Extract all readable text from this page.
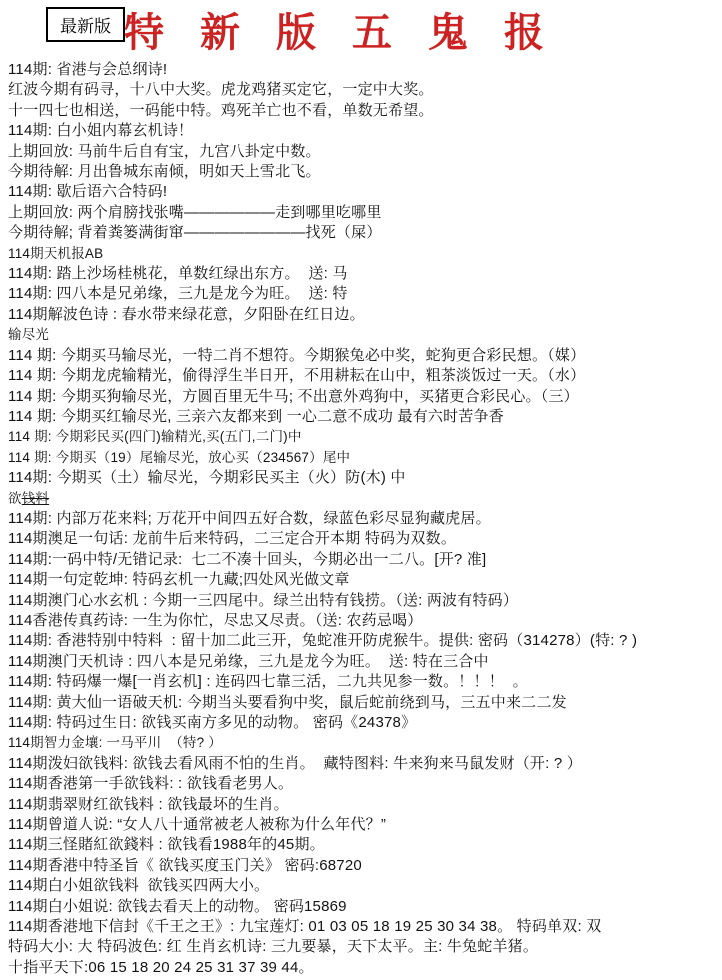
最新版 特 新 版 五 鬼 报

114期: 省港与会总纲诗!

红波今期有码寻，十八中大奖。虎龙鸡猪买定它，一定中大奖。

十一四七也相送，一码能中特。鸡死羊亡也不看，单数无希望。

114期: 白小姐内幕玄机诗！

上期回放: 马前牛后自有宝，九宫八卦定中数。

今期待解: 月出鲁城东南倾，明如天上雪北飞。

114期: 歇后语六合特码!

上期回放: 两个肩膀找张嘴——————走到哪里吃哪里

今期待解; 背着粪篓满街窜————————找死（屎）

114期天机报AB

114期: 踏上沙场桂桃花，单数红绿出东方。  送: 马

114期: 四八本是兄弟缘，三九是龙今为旺。  送: 特

114期解波色诗 : 春水带来绿花意，夕阳卧在红日边。

输尽光

114 期: 今期买马输尽光，一特二肖不想符。今期猴兔必中奖，蛇狗更合彩民想。（媒）

114 期: 今期龙虎输精光，偷得浮生半日开，不用耕耘在山中，粗茶淡饭过一天。（水）

114 期: 今期买狗输尽光，方圆百里无牛马; 不出意外鸡狗中，买猪更合彩民心。（三）

114 期: 今期买红输尽光, 三亲六友都来到 一心二意不成功 最有六时苦争香

114 期: 今期彩民买(四门)输精光,买(五门,二门)中

114 期: 今期买（19）尾输尽光，放心买（234567）尾中

114期: 今期买（土）输尽光，今期彩民买主（火）防(木) 中

欲钱料

114期: 内部万花来料; 万花开中间四五好合数，绿蓝色彩尽显狗藏虎居。

114期澳足一句话: 龙前牛后来特码，二三定合开本期 特码为双数。

114期:一码中特/无错记录:  七二不凑十回头，今期必出一二八。[开? 准]

114期一句定乾坤: 特码玄机一九藏;四处风光做文章

114期澳门心水玄机 : 今期一三四尾中。绿兰出特有钱捞。（送: 两波有特码）

114香港传真药诗: 一生为你忙，尽忠又尽责。（送: 农药忌喝）

114期: 香港特别中特料  : 留十加二此三开，兔蛇准开防虎猴牛。提供: 密码（314278）(特: ? )

114期澳门天机诗 : 四八本是兄弟缘，三九是龙今为旺。  送: 特在三合中

114期: 特码爆一爆[一肖玄机] : 连码四七靠三活，二九共见参一数。！！！  。

114期: 黄大仙一语破天机: 今期当头要看狗中奖，鼠后蛇前绕到马，三五中来二二发

114期: 特码过生日: 欲钱买南方多见的动物。 密码《24378》

114期智力金壤: 一马平川  （特? ）

114期泼妇欲钱料: 欲钱去看风雨不怕的生肖。  藏特图料: 牛来狗来马鼠发财（开: ? ）

114期香港第一手欲钱料: : 欲钱看老男人。

114期翡翠财红欲钱料 : 欲钱最坏的生肖。

114期曾道人说: “女人八十通常被老人被称为什么年代？”

114期三怪賭紅欲錢料 : 欲钱看1988年的45期。

114期香港中特圣旨《 欲钱买度玉门关》 密码:68720

114期白小姐欲钱料  欲钱买四两大小。

114期白小姐说: 欲钱去看天上的动物。 密码15869

114期香港地下信封《千王之王》: 九宝莲灯: 01 03 05 18 19 25 30 34 38。 特码单双: 双

特码大小: 大 特码波色: 红 生肖玄机诗: 三九要暴，天下太平。主: 牛兔蛇羊猪。

十指平天下:06 15 18 20 24 25 31 37 39 44。
